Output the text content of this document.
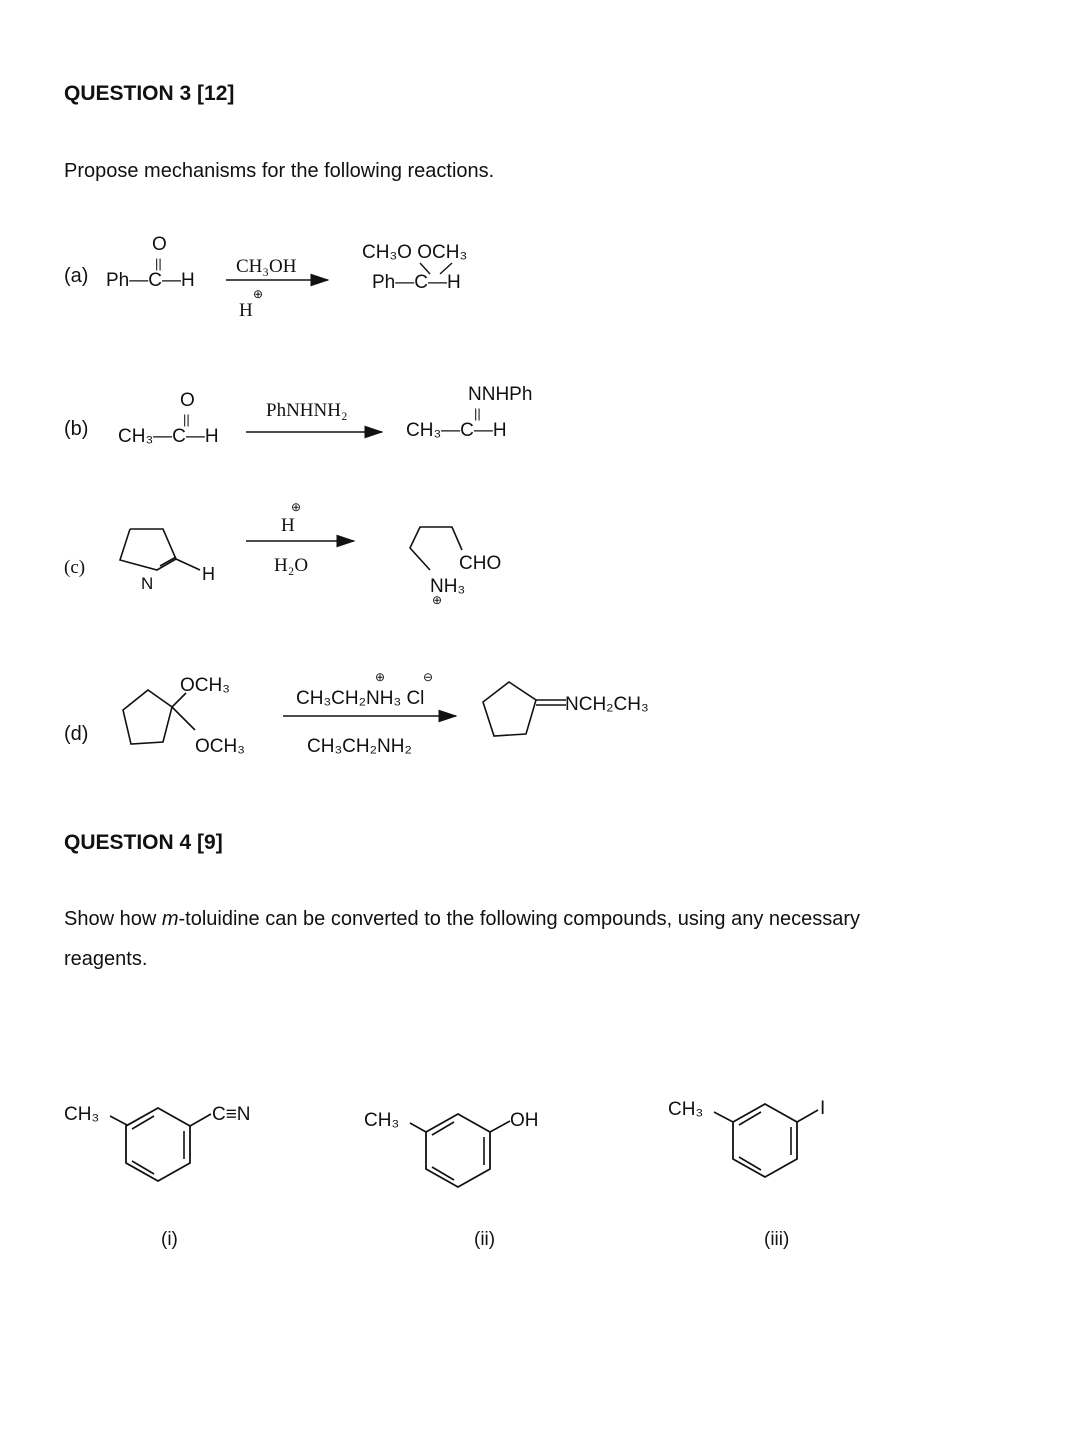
QUESTION 3 [12]
Propose mechanisms for the following reactions.
(a)
O
||
Ph—C—H
CH₃OH
⊕
H
CH₃O OCH₃
Ph—C—H
(b)
O
||
CH₃—C—H
PhNHNH₂
NNHPh
||
CH₃—C—H
(c)
N	H
⊕
H
H₂O	CHO
NH₃
⊕
(d)
OCH₃
OCH₃
⊕	⊖
CH₃CH₂NH₃ Cl
CH₃CH₂NH₂
NCH₂CH₃
CH₃	C≡N
(i)
CH₃	OH
(ii)
CH₃	I
(iii)
QUESTION 4 [9]
Show how m-toluidine can be converted to the following compounds, using any necessary
reagents.
